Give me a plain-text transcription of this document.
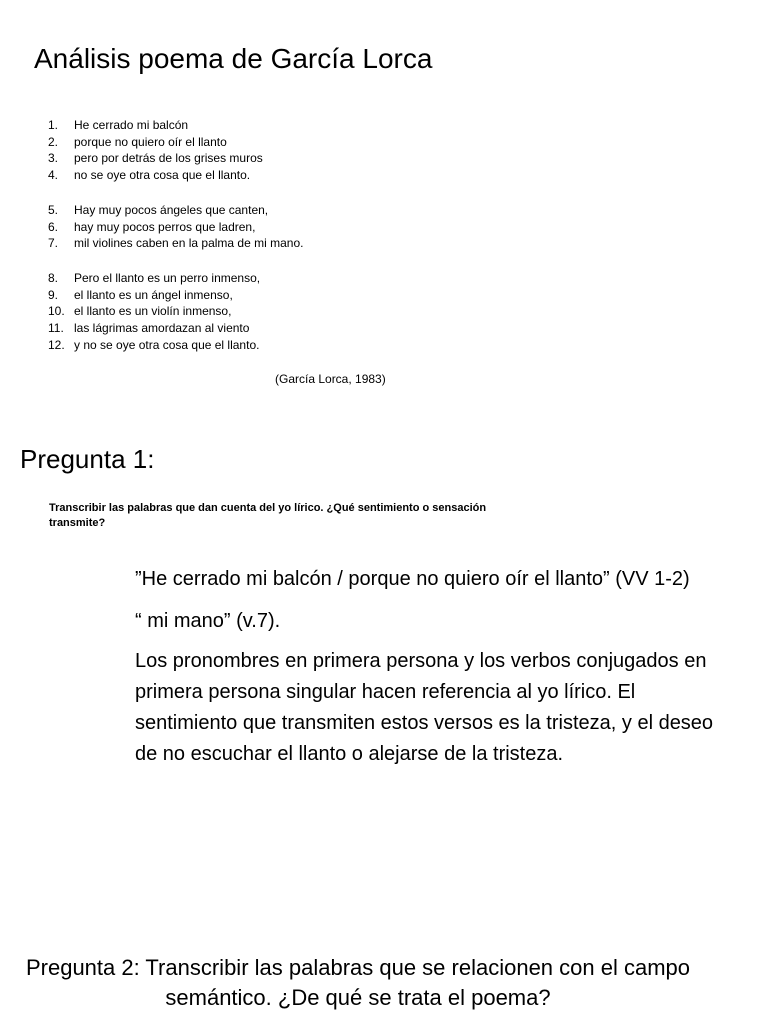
Análisis poema de García Lorca
1.	He cerrado mi balcón
2.	porque no quiero oír el llanto
3.	pero por detrás de los grises muros
4.	no se oye otra cosa que el llanto.
5.	Hay muy pocos ángeles que canten,
6.	hay muy pocos perros que ladren,
7.	mil violines caben en la palma de mi mano.
8.	Pero el llanto es un perro inmenso,
9.	el llanto es un ángel inmenso,
10. el llanto es un violín inmenso,
11. las lágrimas amordazan al viento
12. y no se oye otra cosa que el llanto.
(García Lorca, 1983)
Pregunta 1:
Transcribir las palabras que dan cuenta del yo lírico. ¿Qué sentimiento o sensación transmite?

”He cerrado mi balcón / porque no quiero oír el llanto” (VV 1-2)

“ mi mano” (v.7).

Los pronombres en primera persona y los verbos conjugados en primera persona singular hacen referencia al yo lírico. El sentimiento que transmiten estos versos es la tristeza, y el deseo de no escuchar el llanto o alejarse de la tristeza.

Pregunta 2: Transcribir las palabras que se relacionen con el campo semántico. ¿De qué se trata el poema?
